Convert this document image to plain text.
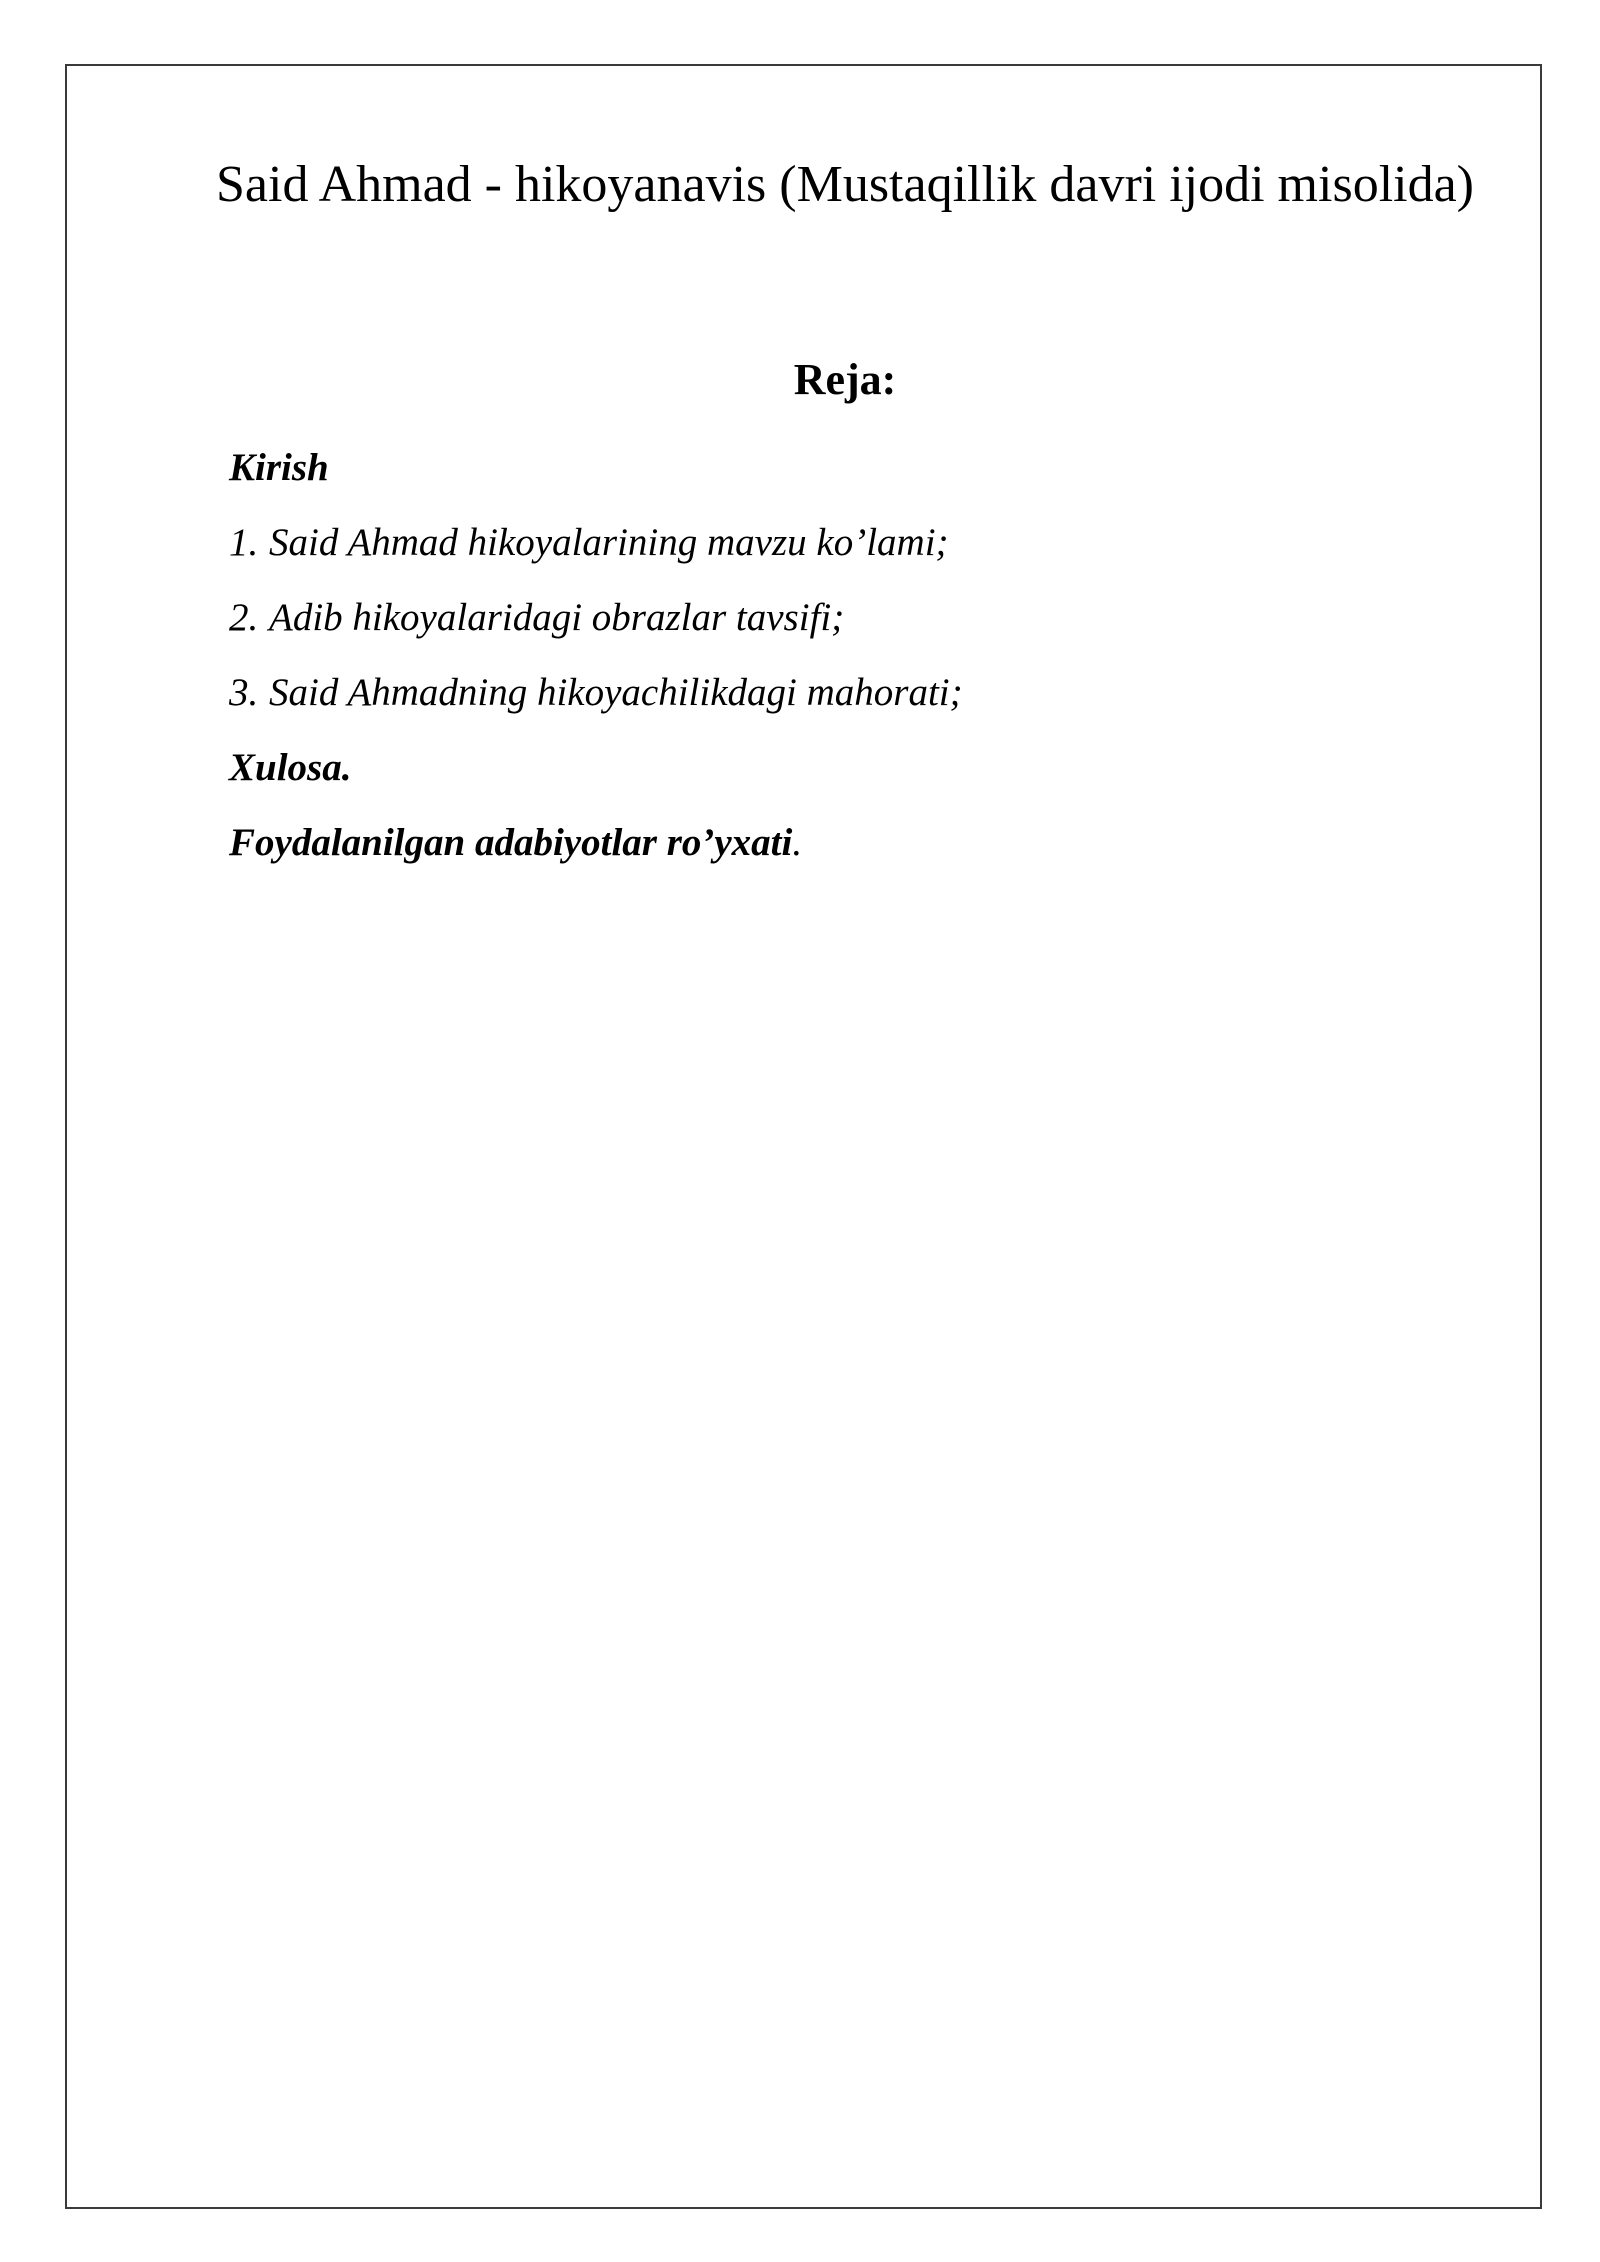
Said Ahmad - hikoyanavis (Mustaqillik davri ijodi misolida)
Reja:
Kirish
1. Said Ahmad hikoyalarining mavzu ko’lami;
2. Adib hikoyalaridagi obrazlar tavsifi;
3. Said Ahmadning hikoyachilikdagi mahorati;
Xulosa.
Foydalanilgan adabiyotlar ro’yxati.
